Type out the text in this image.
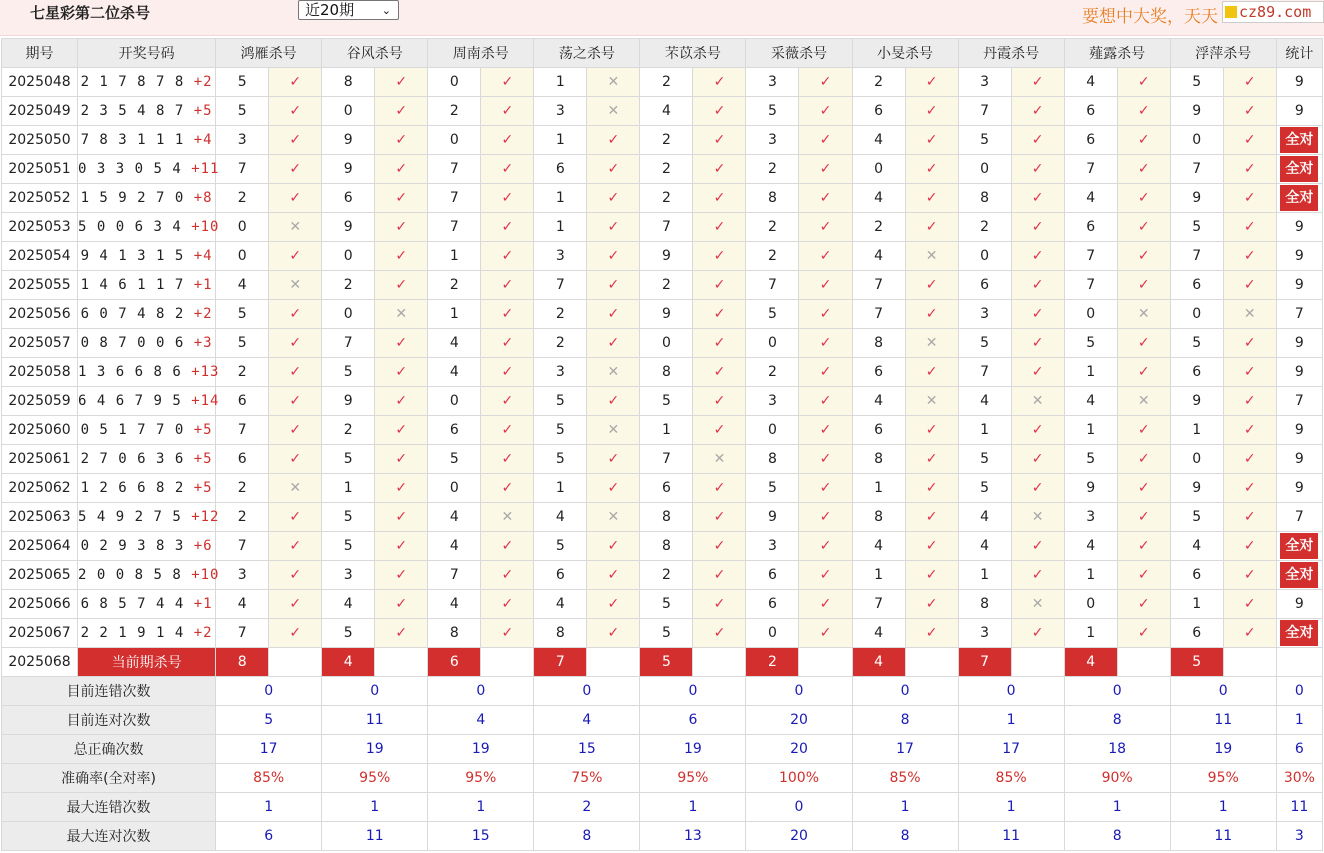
七星彩第二位杀号	近20期	⌄	要想中大奖，天天	cz89.com
期号	开奖号码	鸿雁杀号		谷风杀号		周南杀号		荡之杀号		芣苡杀号		采薇杀号		小旻杀号		丹霞杀号		薤露杀号		浮萍杀号		统计
2025048	2 1 7 8 7 8 +2	5	✓	8	✓	0	✓	1	✕	2	✓	3	✓	2	✓	3	✓	4	✓	5	✓	9
2025049	2 3 5 4 8 7 +5	5	✓	0	✓	2	✓	3	✕	4	✓	5	✓	6	✓	7	✓	6	✓	9	✓	9
2025050	7 8 3 1 1 1 +4	3	✓	9	✓	0	✓	1	✓	2	✓	3	✓	4	✓	5	✓	6	✓	0	✓	全对
2025051	0 3 3 0 5 4 +11	7	✓	9	✓	7	✓	6	✓	2	✓	2	✓	0	✓	0	✓	7	✓	7	✓	全对
2025052	1 5 9 2 7 0 +8	2	✓	6	✓	7	✓	1	✓	2	✓	8	✓	4	✓	8	✓	4	✓	9	✓	全对
2025053	5 0 0 6 3 4 +10	0	✕	9	✓	7	✓	1	✓	7	✓	2	✓	2	✓	2	✓	6	✓	5	✓	9
2025054	9 4 1 3 1 5 +4	0	✓	0	✓	1	✓	3	✓	9	✓	2	✓	4	✕	0	✓	7	✓	7	✓	9
2025055	1 4 6 1 1 7 +1	4	✕	2	✓	2	✓	7	✓	2	✓	7	✓	7	✓	6	✓	7	✓	6	✓	9
2025056	6 0 7 4 8 2 +2	5	✓	0	✕	1	✓	2	✓	9	✓	5	✓	7	✓	3	✓	0	✕	0	✕	7
2025057	0 8 7 0 0 6 +3	5	✓	7	✓	4	✓	2	✓	0	✓	0	✓	8	✕	5	✓	5	✓	5	✓	9
2025058	1 3 6 6 8 6 +13	2	✓	5	✓	4	✓	3	✕	8	✓	2	✓	6	✓	7	✓	1	✓	6	✓	9
2025059	6 4 6 7 9 5 +14	6	✓	9	✓	0	✓	5	✓	5	✓	3	✓	4	✕	4	✕	4	✕	9	✓	7
2025060	0 5 1 7 7 0 +5	7	✓	2	✓	6	✓	5	✕	1	✓	0	✓	6	✓	1	✓	1	✓	1	✓	9
2025061	2 7 0 6 3 6 +5	6	✓	5	✓	5	✓	5	✓	7	✕	8	✓	8	✓	5	✓	5	✓	0	✓	9
2025062	1 2 6 6 8 2 +5	2	✕	1	✓	0	✓	1	✓	6	✓	5	✓	1	✓	5	✓	9	✓	9	✓	9
2025063	5 4 9 2 7 5 +12	2	✓	5	✓	4	✕	4	✕	8	✓	9	✓	8	✓	4	✕	3	✓	5	✓	7
2025064	0 2 9 3 8 3 +6	7	✓	5	✓	4	✓	5	✓	8	✓	3	✓	4	✓	4	✓	4	✓	4	✓	全对
2025065	2 0 0 8 5 8 +10	3	✓	3	✓	7	✓	6	✓	2	✓	6	✓	1	✓	1	✓	1	✓	6	✓	全对
2025066	6 8 5 7 4 4 +1	4	✓	4	✓	4	✓	4	✓	5	✓	6	✓	7	✓	8	✕	0	✓	1	✓	9
2025067	2 2 1 9 1 4 +2	7	✓	5	✓	8	✓	8	✓	5	✓	0	✓	4	✓	3	✓	1	✓	6	✓	全对
2025068	当前期杀号	8		4		6		7		5		2		4		7		4		5		
目前连错次数		0		0		0		0		0		0		0		0		0		0		0
目前连对次数		5		11		4		4		6		20		8		1		8		11		1
总正确次数		17		19		19		15		19		20		17		17		18		19		6
准确率(全对率)		85%		95%		95%		75%		95%		100%		85%		85%		90%		95%		30%
最大连错次数		1		1		1		2		1		0		1		1		1		1		11
最大连对次数		6		11		15		8		13		20		8		11		8		11		3
